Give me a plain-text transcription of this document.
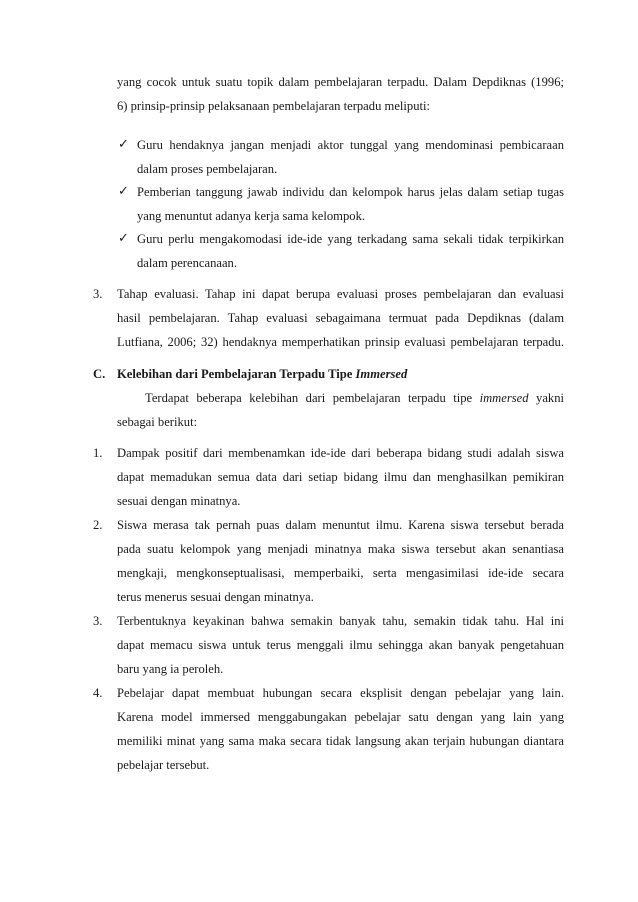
yang cocok untuk suatu topik dalam pembelajaran terpadu. Dalam Depdiknas (1996;
6) prinsip-prinsip pelaksanaan pembelajaran terpadu meliputi:
✓ Guru hendaknya jangan menjadi aktor tunggal yang mendominasi pembicaraan
dalam proses pembelajaran.
✓ Pemberian tanggung jawab individu dan kelompok harus jelas dalam setiap tugas
yang menuntut adanya kerja sama kelompok.
✓ Guru perlu mengakomodasi ide-ide yang terkadang sama sekali tidak terpikirkan
dalam perencanaan.
3. Tahap evaluasi. Tahap ini dapat berupa evaluasi proses pembelajaran dan evaluasi
hasil pembelajaran. Tahap evaluasi sebagaimana termuat pada Depdiknas (dalam
Lutfiana, 2006; 32) hendaknya memperhatikan prinsip evaluasi pembelajaran terpadu.
C. Kelebihan dari Pembelajaran Terpadu Tipe Immersed
Terdapat beberapa kelebihan dari pembelajaran terpadu tipe immersed yakni
sebagai berikut:
1. Dampak positif dari membenamkan ide-ide dari beberapa bidang studi adalah siswa
dapat memadukan semua data dari setiap bidang ilmu dan menghasilkan pemikiran
sesuai dengan minatnya.
2. Siswa merasa tak pernah puas dalam menuntut ilmu. Karena siswa tersebut berada
pada suatu kelompok yang menjadi minatnya maka siswa tersebut akan senantiasa
mengkaji, mengkonseptualisasi, memperbaiki, serta mengasimilasi ide-ide secara
terus menerus sesuai dengan minatnya.
3. Terbentuknya keyakinan bahwa semakin banyak tahu, semakin tidak tahu. Hal ini
dapat memacu siswa untuk terus menggali ilmu sehingga akan banyak pengetahuan
baru yang ia peroleh.
4. Pebelajar dapat membuat hubungan secara eksplisit dengan pebelajar yang lain.
Karena model immersed menggabungakan pebelajar satu dengan yang lain yang
memiliki minat yang sama maka secara tidak langsung akan terjain hubungan diantara
pebelajar tersebut.
